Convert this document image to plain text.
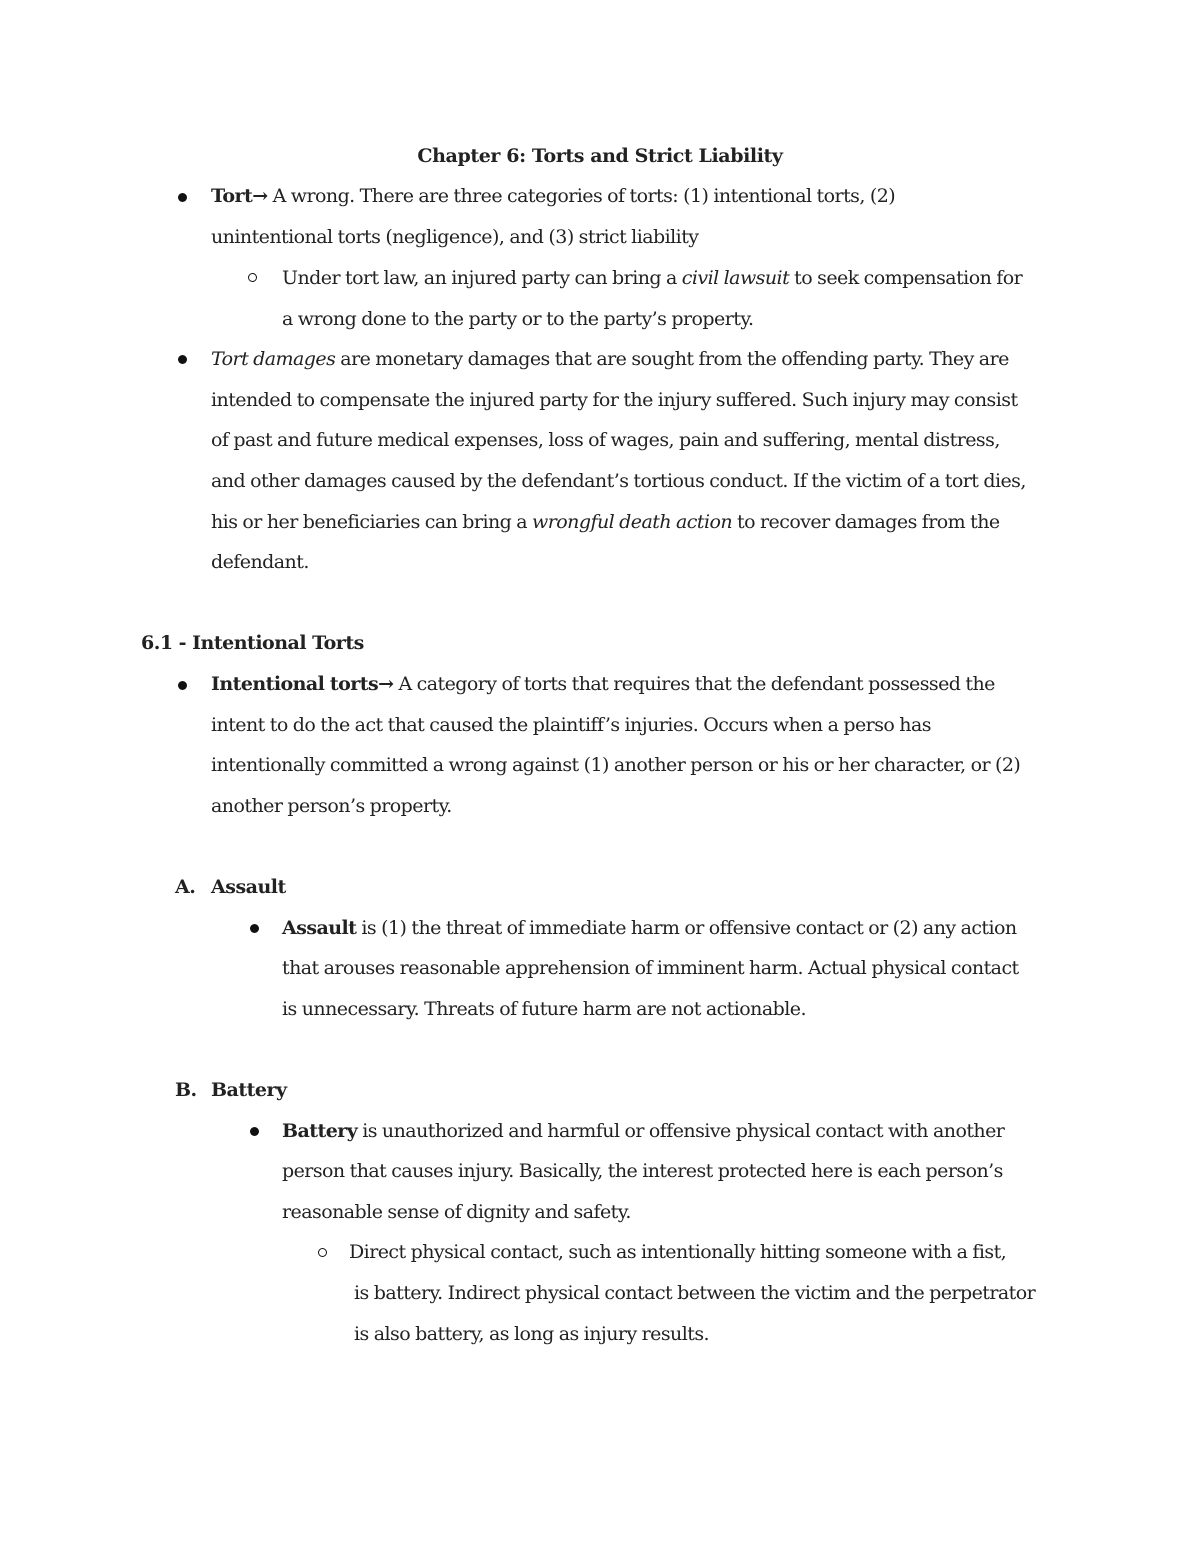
Chapter 6: Torts and Strict Liability
Tort→ A wrong. There are three categories of torts: (1) intentional torts, (2)
unintentional torts (negligence), and (3) strict liability
Under tort law, an injured party can bring a civil lawsuit to seek compensation for
a wrong done to the party or to the party’s property.
Tort damages are monetary damages that are sought from the offending party. They are
intended to compensate the injured party for the injury suffered. Such injury may consist
of past and future medical expenses, loss of wages, pain and suffering, mental distress,
and other damages caused by the defendant’s tortious conduct. If the victim of a tort dies,
his or her beneficiaries can bring a wrongful death action to recover damages from the
defendant.
6.1 - Intentional Torts
Intentional torts→ A category of torts that requires that the defendant possessed the
intent to do the act that caused the plaintiff’s injuries. Occurs when a perso has
intentionally committed a wrong against (1) another person or his or her character, or (2)
another person’s property.
A. Assault
Assault is (1) the threat of immediate harm or offensive contact or (2) any action
that arouses reasonable apprehension of imminent harm. Actual physical contact
is unnecessary. Threats of future harm are not actionable.
B. Battery
Battery is unauthorized and harmful or offensive physical contact with another
person that causes injury. Basically, the interest protected here is each person’s
reasonable sense of dignity and safety.
Direct physical contact, such as intentionally hitting someone with a fist,
is battery. Indirect physical contact between the victim and the perpetrator
is also battery, as long as injury results.
